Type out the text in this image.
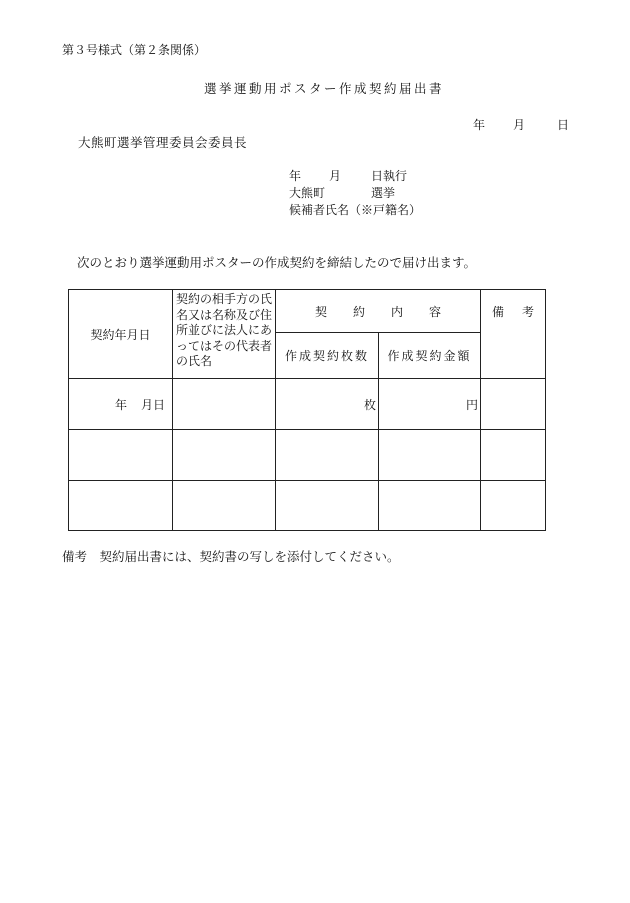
第３号様式（第２条関係）
選挙運動用ポスター作成契約届出書
年 月	日
大熊町選挙管理委員会委員長
年 月 日執行
大熊町	選挙
候補者氏名（※戸籍名）
次のとおり選挙運動用ポスターの作成契約を締結したので届け出ます。
契約年月日	契約の相手方の氏名又は名称及び住所並びに法人にあってはその代表者の氏名	契 約 内 容		備 考
		作成契約枚数	作成契約金額	
年 月日		枚	円	

備考　契約届出書には、契約書の写しを添付してください。
